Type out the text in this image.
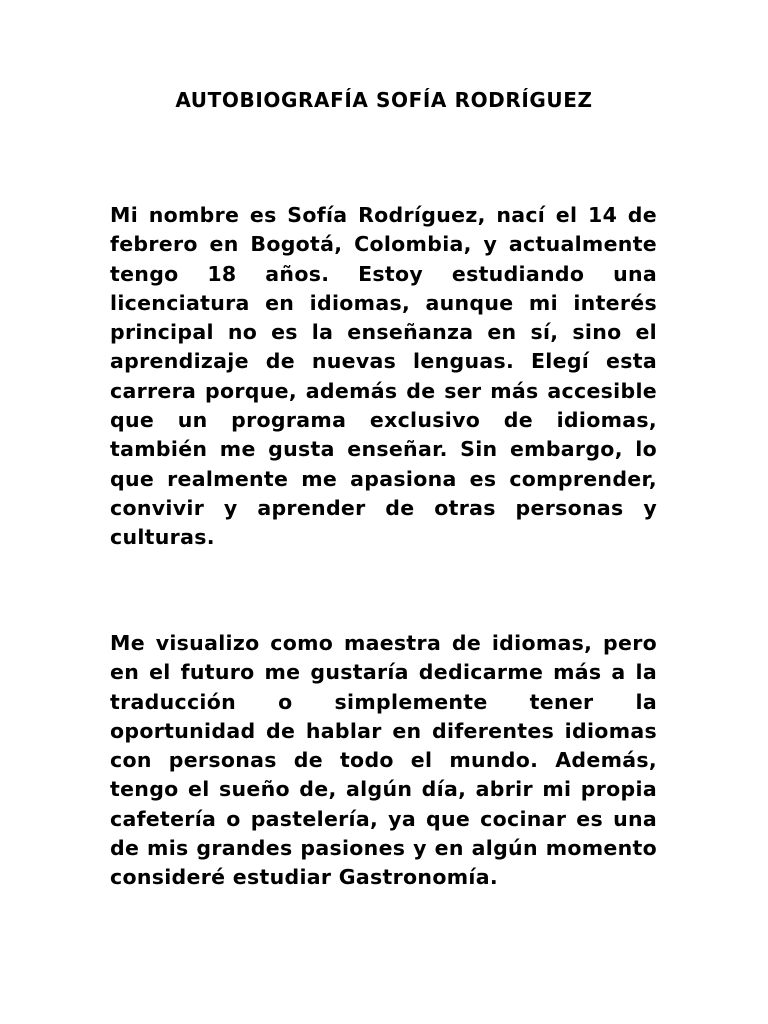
AUTOBIOGRAFÍA SOFÍA RODRÍGUEZ

Mi nombre es Sofía Rodríguez, nací el 14 de febrero en Bogotá, Colombia, y actualmente tengo 18 años. Estoy estudiando una licenciatura en idiomas, aunque mi interés principal no es la enseñanza en sí, sino el aprendizaje de nuevas lenguas. Elegí esta carrera porque, además de ser más accesible que un programa exclusivo de idiomas, también me gusta enseñar. Sin embargo, lo que realmente me apasiona es comprender, convivir y aprender de otras personas y culturas.

Me visualizo como maestra de idiomas, pero en el futuro me gustaría dedicarme más a la traducción o simplemente tener la oportunidad de hablar en diferentes idiomas con personas de todo el mundo. Además, tengo el sueño de, algún día, abrir mi propia cafetería o pastelería, ya que cocinar es una de mis grandes pasiones y en algún momento consideré estudiar Gastronomía.
